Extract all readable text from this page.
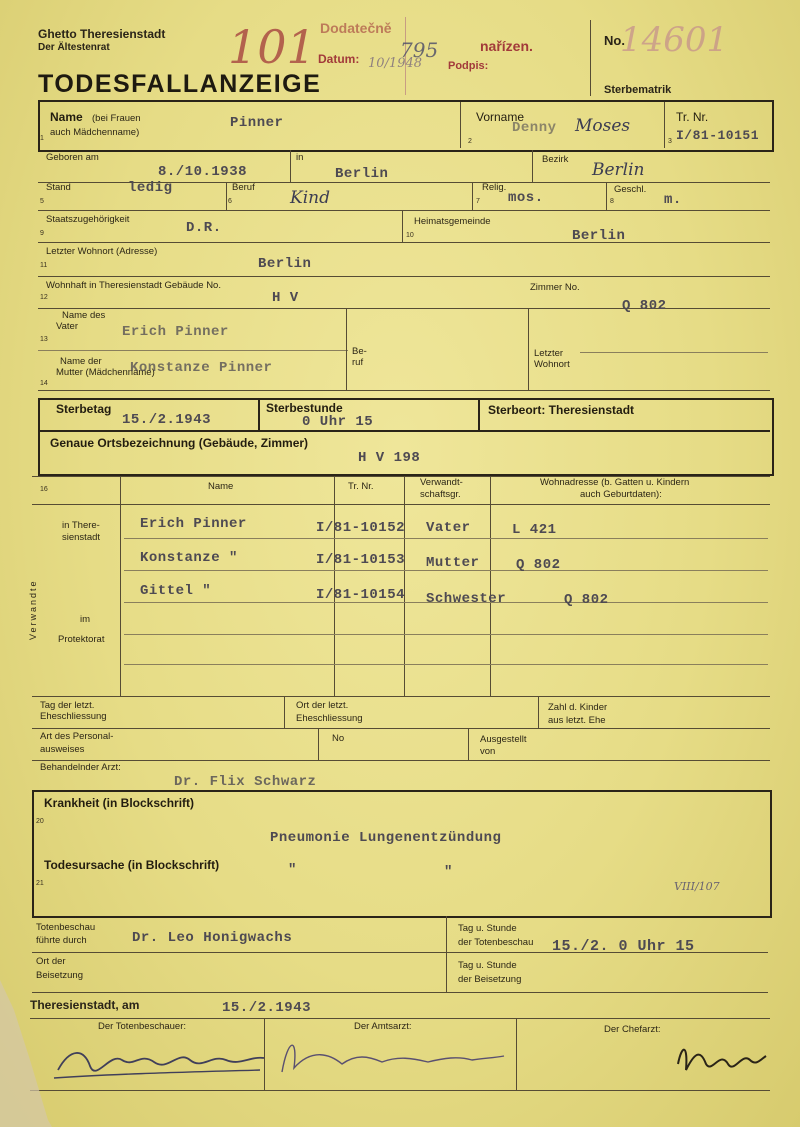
Ghetto Theresienstadt
Der Ältestenrat
TODESFALLANZEIGE
No.
Sterbematrik
101 Dodatečně
Datum: 10/1948
795	nařízen.
Podpis:
14601
Name (bei Frauen
auch Mädchenname)
1
Pinner	Vorname
2
Denny Moses	Tr. Nr.
3 I/81-10151
Geboren am
8./10.1938
in
Berlin
Bezirk
Berlin
Stand
5
ledig	Beruf
6	Kind
Relig.
7 mos.
Geschl.
8	m.
Staatszugehörigkeit
9	D.R.	Heimatsgemeinde
10	Berlin
Letzter Wohnort (Adresse)
11	Berlin
Wohnhaft in Theresienstadt Gebäude No.
12	H V
Zimmer No.
Q 802
Name des
Vater
13	Erich Pinner
Name der
Mutter (Mädchenname)
14
Konstanze Pinner
Be-
ruf
Letzter
Wohnort
Sterbetag
15./2.1943
Sterbestunde
0 Uhr 15
Sterbeort: Theresienstadt
Genaue Ortsbezeichnung (Gebäude, Zimmer)
H V 198
16	Name	Tr. Nr.	Verwandt-
schaftsgr.
Wohnadresse (b. Gatten u. Kindern
auch Geburtdaten):
Verwandte
in There-
sienstadt
im
Protektorat
Erich Pinner	I/81-10152 Vater	L 421
Konstanze "	I/81-10153 Mutter	Q 802
Gittel "	I/81-10154 Schwester	Q 802
Tag der letzt.
Eheschliessung
Ort der letzt.
Eheschliessung
Zahl d. Kinder
aus letzt. Ehe
Art des Personal-
ausweises
No	Ausgestellt
von
Behandelnder Arzt:
Dr. Flix Schwarz
Krankheit (in Blockschrift)
20
Pneumonie Lungenentzündung
Todesursache (in Blockschrift)
21
"	"
VIII/107
Totenbeschau
führte durch	Dr. Leo Honigwachs
Tag u. Stunde
der Totenbeschau 15./2. 0 Uhr 15
Ort der
Beisetzung
Tag u. Stunde
der Beisetzung
Theresienstadt, am	15./2.1943
Der Totenbeschauer:	Der Amtsarzt:	Der Chefarzt:
